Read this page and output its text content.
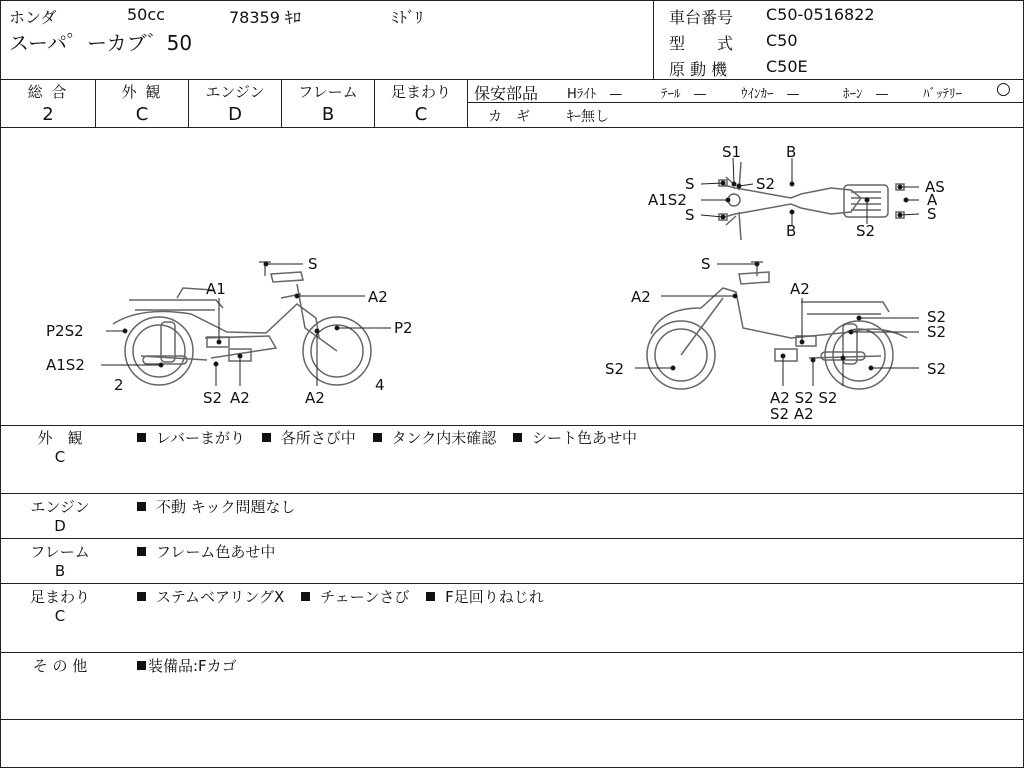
ホンダ	50cc	78359 ｷﾛ	ﾐﾄﾞﾘ
スーパ゜ーカブ゛50
車台番号 C50-0516822
型　　式 C50
原 動 機 C50E
総 合
2
外 観
C
エンジン
D
フレーム
B
足まわり
C
保安部品 Hﾗｲﾄ　—	ﾃｰﾙ　—	ｳｲﾝｶｰ　—	ﾎｰﾝ　—	ﾊﾞｯﾃﾘｰ ○
カ　ギ	ｷｰ無し
S1	B
S	S2
A1S2
S
B
AS
A
S
S2
S
A1	A2
P2S2	P2
A1S2
2
S2 A2	A2
4
S
A2	A2
S2
S2
S2	S2
A2 S2 S2
S2 A2
外　観
C
レバーまがり 各所さび中 タンク内未確認 シート色あせ中
エンジン
D
不動 キック問題なし
フレーム
B
フレーム色あせ中
足まわり
C
ステムベアリングX チェーンさび F足回りねじれ
そ の 他	装備品:Fカゴ
